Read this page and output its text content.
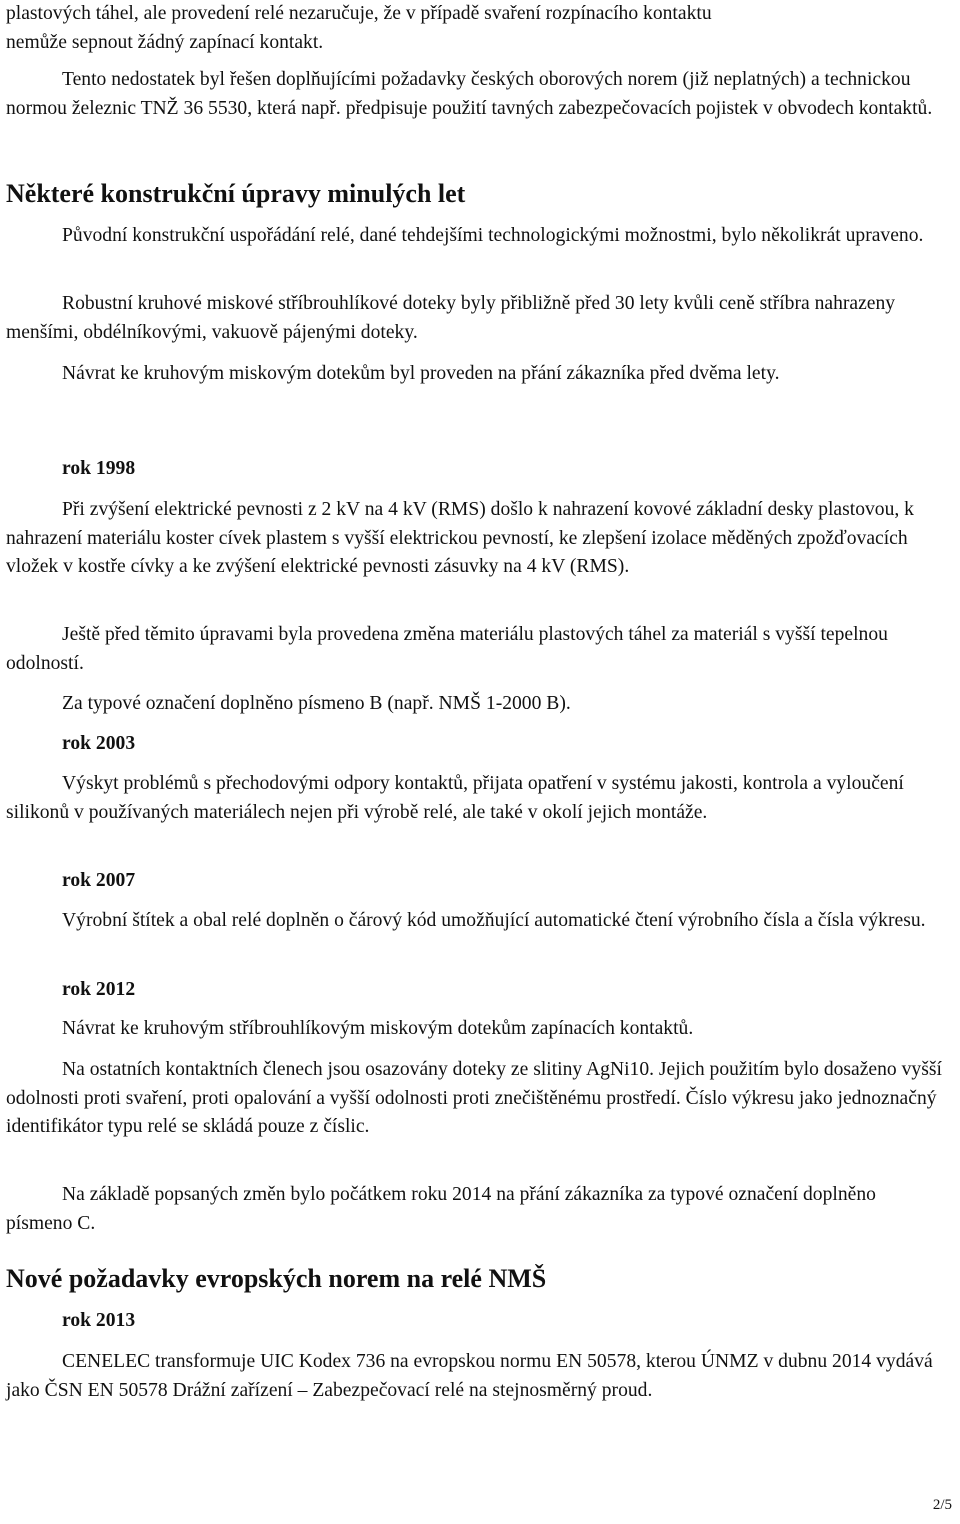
plastových táhel, ale provedení relé nezaručuje, že v případě svaření rozpínacího kontaktu
nemůže sepnout žádný zapínací kontakt.

Tento nedostatek byl řešen doplňujícími požadavky českých oborových norem (již neplatných) a technickou normou železnic TNŽ 36 5530, která např. předpisuje použití tavných zabezpečovacích pojistek v obvodech kontaktů.

Některé konstrukční úpravy minulých let

Původní konstrukční uspořádání relé, dané tehdejšími technologickými možnostmi, bylo několikrát upraveno.

Robustní kruhové miskové stříbrouhlíkové doteky byly přibližně před 30 lety kvůli ceně stříbra nahrazeny menšími, obdélníkovými, vakuově pájenými doteky.

Návrat ke kruhovým miskovým dotekům byl proveden na přání zákazníka před dvěma lety.

rok 1998

Při zvýšení elektrické pevnosti z 2 kV na 4 kV (RMS) došlo k nahrazení kovové základní desky plastovou, k nahrazení materiálu koster cívek plastem s vyšší elektrickou pevností, ke zlepšení izolace měděných zpožďovacích vložek v kostře cívky a ke zvýšení elektrické pevnosti zásuvky na 4 kV (RMS).

Ještě před těmito úpravami byla provedena změna materiálu plastových táhel za materiál s vyšší tepelnou odolností.

Za typové označení doplněno písmeno B (např. NMŠ 1-2000 B).

rok 2003

Výskyt problémů s přechodovými odpory kontaktů, přijata opatření v systému jakosti, kontrola a vyloučení silikonů v používaných materiálech nejen při výrobě relé, ale také v okolí jejich montáže.

rok 2007

Výrobní štítek a obal relé doplněn o čárový kód umožňující automatické čtení výrobního čísla a čísla výkresu.

rok 2012

Návrat ke kruhovým stříbrouhlíkovým miskovým dotekům zapínacích kontaktů.

Na ostatních kontaktních členech jsou osazovány doteky ze slitiny AgNi10. Jejich použitím bylo dosaženo vyšší odolnosti proti svaření, proti opalování a vyšší odolnosti proti znečištěnému prostředí. Číslo výkresu jako jednoznačný identifikátor typu relé se skládá pouze z číslic.

Na základě popsaných změn bylo počátkem roku 2014 na přání zákazníka za typové označení doplněno písmeno C.

Nové požadavky evropských norem na relé NMŠ
rok 2013

CENELEC transformuje UIC Kodex 736 na evropskou normu EN 50578, kterou ÚNMZ v dubnu 2014 vydává jako ČSN EN 50578 Drážní zařízení – Zabezpečovací relé na stejnosměrný proud.

2/5
